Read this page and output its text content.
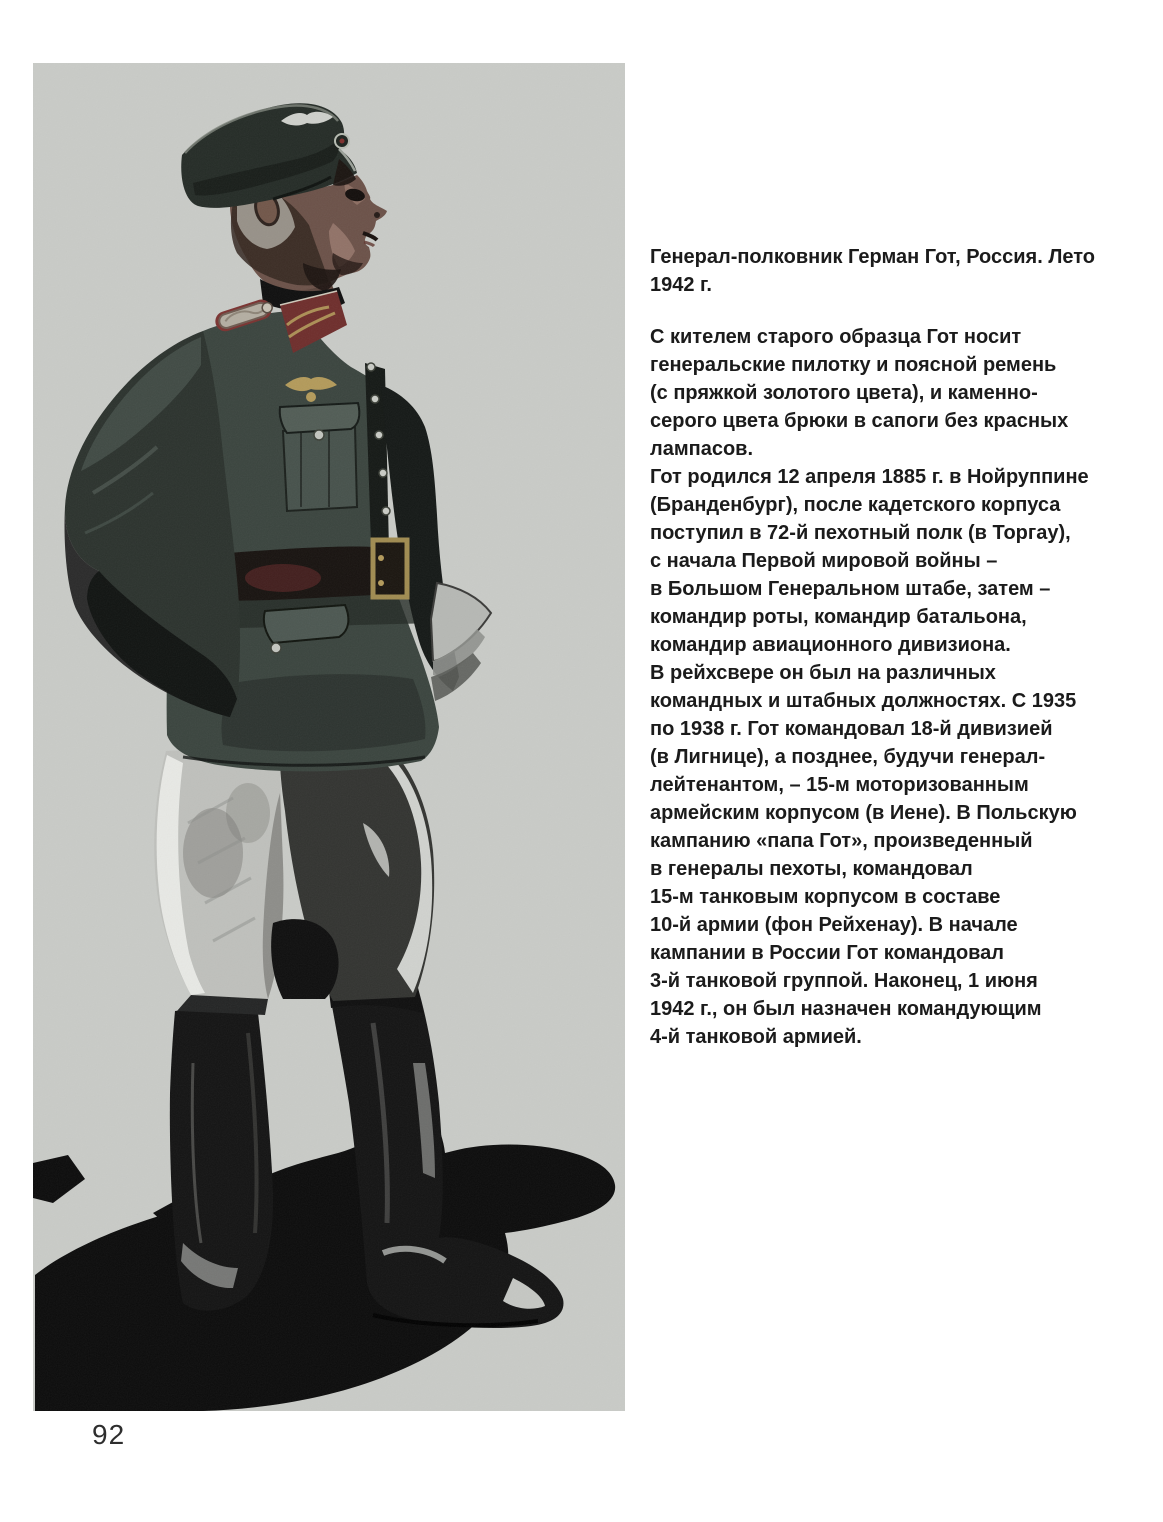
Генерал-полковник Герман Гот, Россия. Лето
1942 г.
С кителем старого образца Гот носит
генеральские пилотку и поясной ремень
(с пряжкой золотого цвета), и каменно-
серого цвета брюки в сапоги без красных
лампасов.
Гот родился 12 апреля 1885 г. в Нойруппине
(Бранденбург), после кадетского корпуса
поступил в 72-й пехотный полк (в Торгау),
с начала Первой мировой войны –
в Большом Генеральном штабе, затем –
командир роты, командир батальона,
командир авиационного дивизиона.
В рейхсвере он был на различных
командных и штабных должностях. С 1935
по 1938 г. Гот командовал 18-й дивизией
(в Лигнице), а позднее, будучи генерал-
лейтенантом, – 15-м моторизованным
армейским корпусом (в Иене). В Польскую
кампанию «папа Гот», произведенный
в генералы пехоты, командовал
15-м танковым корпусом в составе
10-й армии (фон Рейхенау). В начале
кампании в России Гот командовал
3-й танковой группой. Наконец, 1 июня
1942 г., он был назначен командующим
4-й танковой армией.
92
